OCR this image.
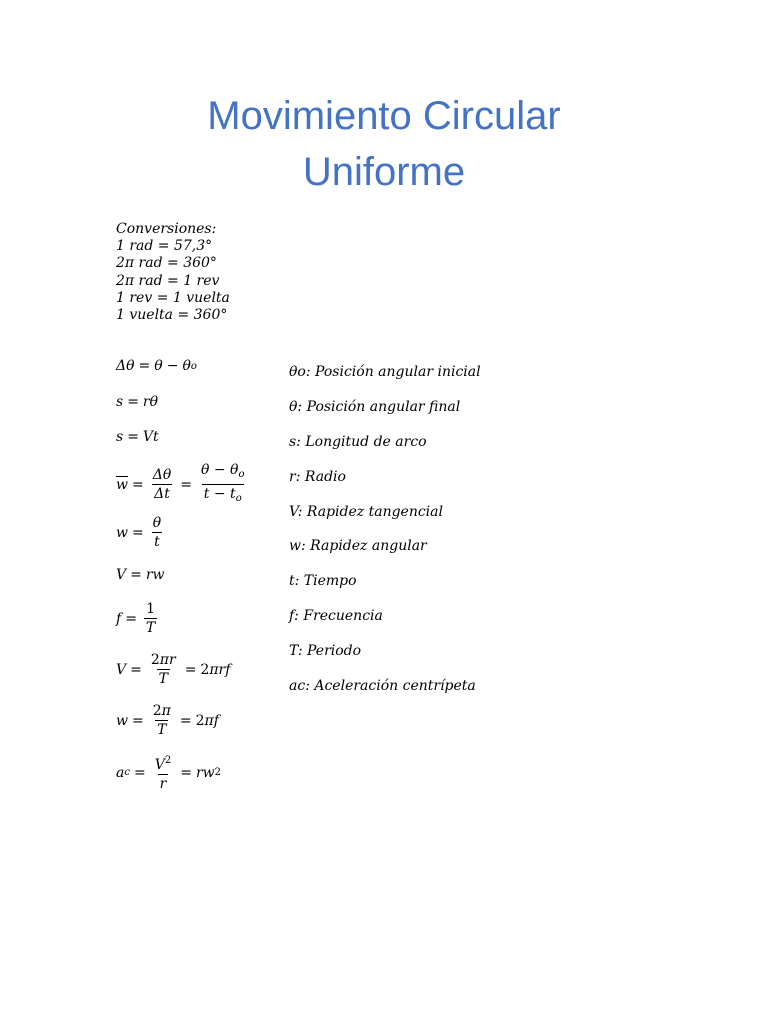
Movimiento Circular
Uniforme
Conversiones:
1 rad = 57,3°
2π rad = 360°
2π rad = 1 rev
1 rev = 1 vuelta
1 vuelta = 360°
Δθ = θ − θ o
s = rθ
s = Vt
$\overline{w} = \frac{\Delta\theta}{\Delta t} = \frac{\theta - \theta_o}{t - t_o}$
$w = \frac{\theta}{t}$
V = rw
$f = \frac{1}{T}$
$V = \frac{2\pi r}{T} = 2$ πrf
$w = \frac{2\pi}{T} = 2$ πf
a $c = \frac{V^2}{r}$ = rw 2
θo: Posición angular inicial
θ: Posición angular final
s: Longitud de arco
r: Radio
V: Rapidez tangencial
w: Rapidez angular
t: Tiempo
f: Frecuencia
T: Periodo
ac: Aceleración centrípeta
